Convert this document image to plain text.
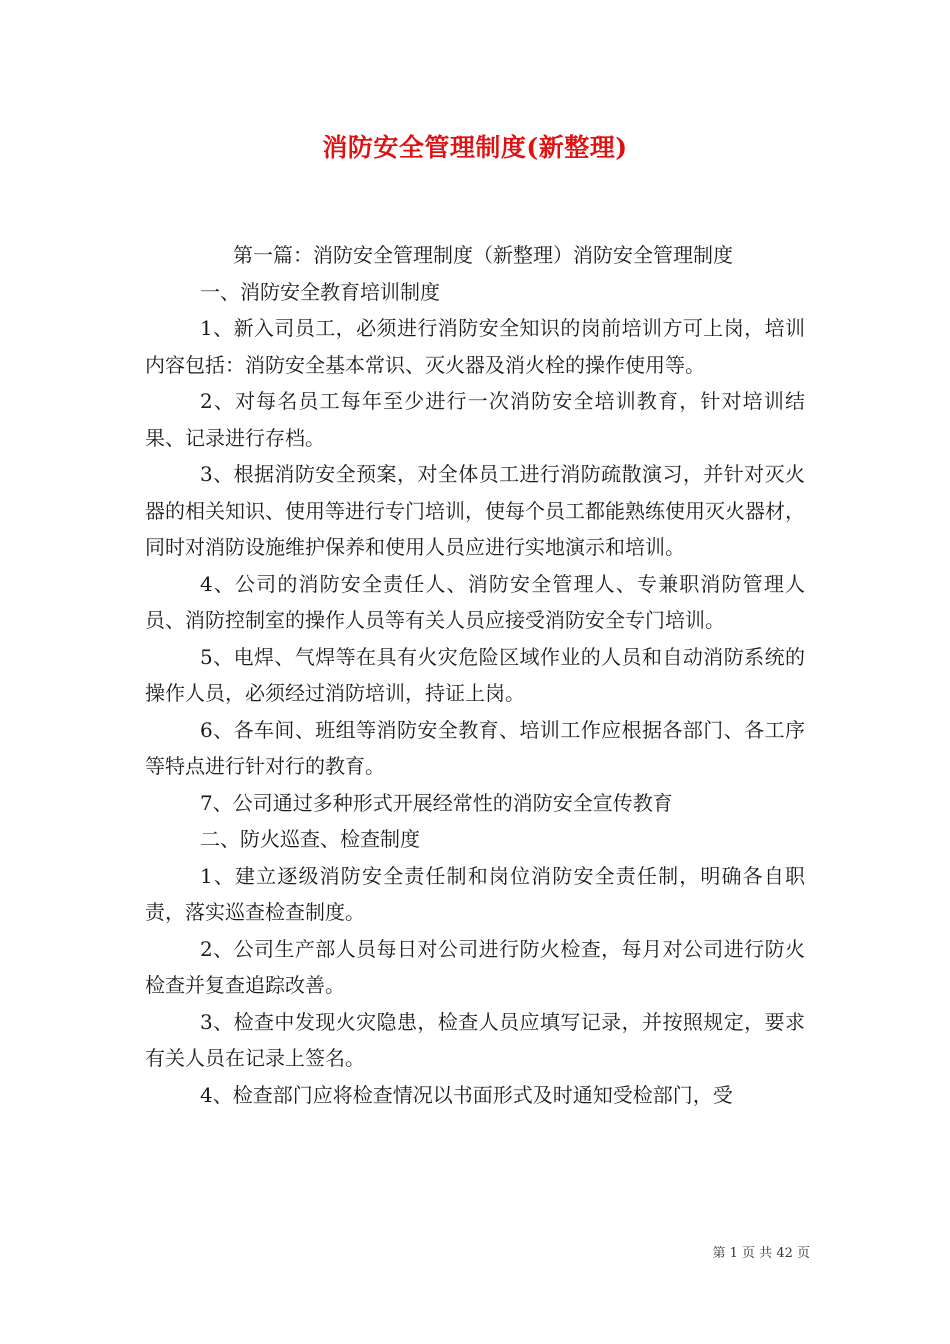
消防安全管理制度(新整理)

第一篇：消防安全管理制度（新整理）消防安全管理制度

一、消防安全教育培训制度

1、新入司员工，必须进行消防安全知识的岗前培训方可上岗，培训内容包括：消防安全基本常识、灭火器及消火栓的操作使用等。

2、对每名员工每年至少进行一次消防安全培训教育，针对培训结果、记录进行存档。

3、根据消防安全预案，对全体员工进行消防疏散演习，并针对灭火器的相关知识、使用等进行专门培训，使每个员工都能熟练使用灭火器材，同时对消防设施维护保养和使用人员应进行实地演示和培训。

4、公司的消防安全责任人、消防安全管理人、专兼职消防管理人员、消防控制室的操作人员等有关人员应接受消防安全专门培训。

5、电焊、气焊等在具有火灾危险区域作业的人员和自动消防系统的操作人员，必须经过消防培训，持证上岗。

6、各车间、班组等消防安全教育、培训工作应根据各部门、各工序等特点进行针对行的教育。

7、公司通过多种形式开展经常性的消防安全宣传教育

二、防火巡查、检查制度

1、建立逐级消防安全责任制和岗位消防安全责任制，明确各自职责，落实巡查检查制度。

2、公司生产部人员每日对公司进行防火检查，每月对公司进行防火检查并复查追踪改善。

3、检查中发现火灾隐患，检查人员应填写记录，并按照规定，要求有关人员在记录上签名。

4、检查部门应将检查情况以书面形式及时通知受检部门，受

第 1 页 共 42 页
